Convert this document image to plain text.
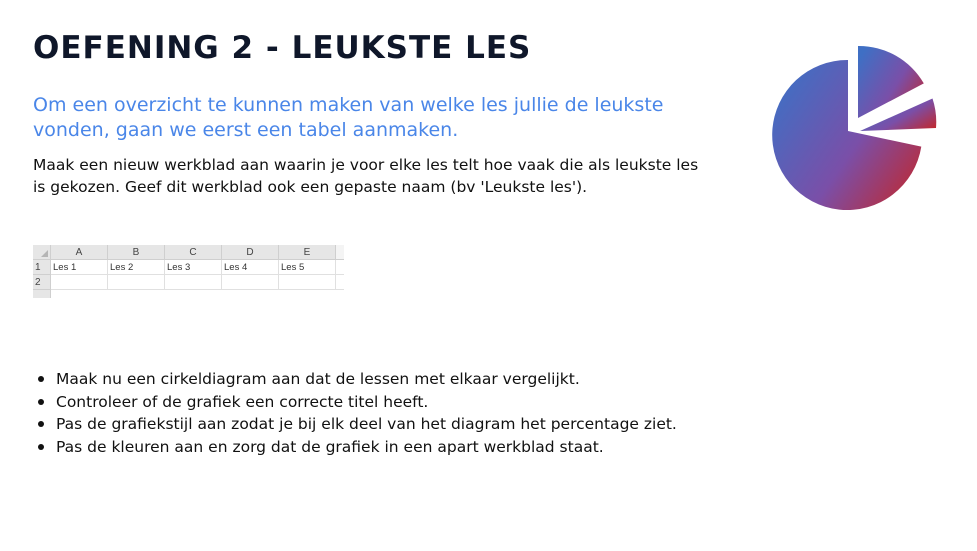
OEFENING 2 - LEUKSTE LES

Om een overzicht te kunnen maken van welke les jullie de leukste vonden, gaan we eerst een tabel aanmaken.

Maak een nieuw werkblad aan waarin je voor elke les telt hoe vaak die als leukste les is gekozen. Geef dit werkblad ook een gepaste naam (bv 'Leukste les').

	A	B	C	D	E	
1	Les 1	Les 2	Les 3	Les 4	Les 5	
2						

Maak nu een cirkeldiagram aan dat de lessen met elkaar vergelijkt.
Controleer of de grafiek een correcte titel heeft.
Pas de grafiekstijl aan zodat je bij elk deel van het diagram het percentage ziet.
Pas de kleuren aan en zorg dat de grafiek in een apart werkblad staat.
